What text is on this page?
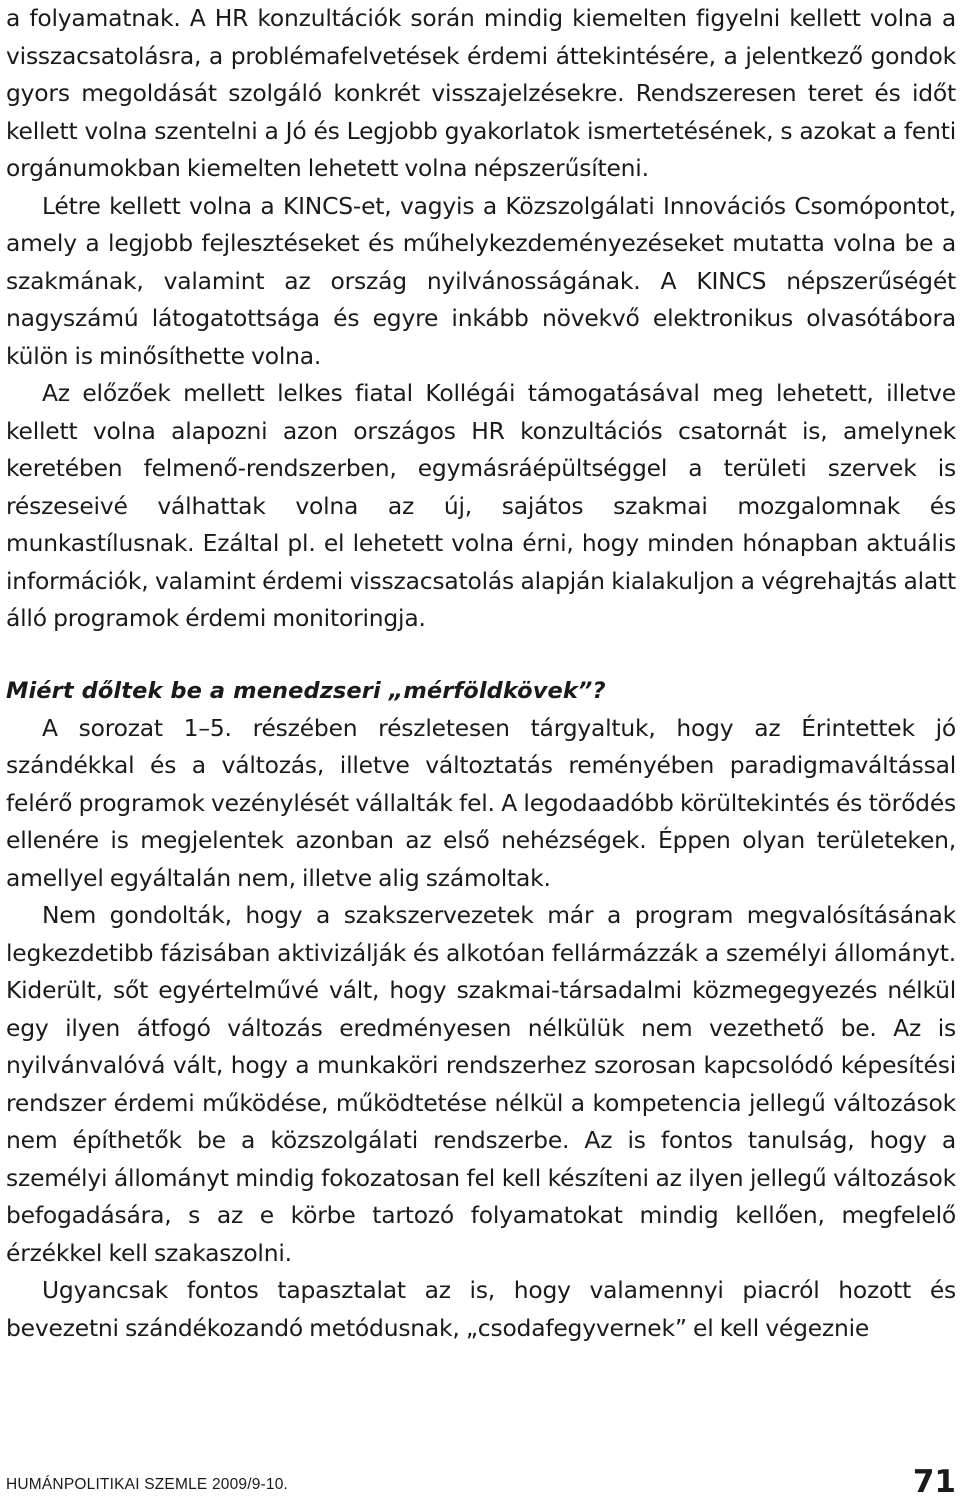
a folyamatnak. A HR konzultációk során mindig kiemelten figyelni kellett volna a visszacsatolásra, a problémafelvetések érdemi áttekintésére, a jelentkező gondok gyors megoldását szolgáló konkrét visszajelzésekre. Rendszeresen teret és időt kellett volna szentelni a Jó és Legjobb gyakorlatok ismertetésének, s azokat a fenti orgánumokban kiemelten lehetett volna népszerűsíteni.

Létre kellett volna a KINCS-et, vagyis a Közszolgálati Innovációs Csomópontot, amely a legjobb fejlesztéseket és műhelykezdeményezéseket mutatta volna be a szakmának, valamint az ország nyilvánosságának. A KINCS népszerűségét nagyszámú látogatottsága és egyre inkább növekvő elektronikus olvasótábora külön is minősíthette volna.

Az előzőek mellett lelkes fiatal Kollégái támogatásával meg lehetett, illetve kellett volna alapozni azon országos HR konzultációs csatornát is, amelynek keretében felmenő-rendszerben, egymásráépültséggel a területi szervek is részeseivé válhattak volna az új, sajátos szakmai mozgalomnak és munkastílusnak. Ezáltal pl. el lehetett volna érni, hogy minden hónapban aktuális információk, valamint érdemi visszacsatolás alapján kialakuljon a végrehajtás alatt álló programok érdemi monitoringja.

Miért dőltek be a menedzseri „mérföldkövek”?

A sorozat 1–5. részében részletesen tárgyaltuk, hogy az Érintettek jó szándékkal és a változás, illetve változtatás reményében paradigmaváltással felérő programok vezénylését vállalták fel. A legodaadóbb körültekintés és törődés ellenére is megjelentek azonban az első nehézségek. Éppen olyan területeken, amellyel egyáltalán nem, illetve alig számoltak.

Nem gondolták, hogy a szakszervezetek már a program megvalósításának legkezdetibb fázisában aktivizálják és alkotóan fellármázzák a személyi állományt. Kiderült, sőt egyértelművé vált, hogy szakmai-társadalmi közmegegyezés nélkül egy ilyen átfogó változás eredményesen nélkülük nem vezethető be. Az is nyilvánvalóvá vált, hogy a munkaköri rendszerhez szorosan kapcsolódó képesítési rendszer érdemi működése, működtetése nélkül a kompetencia jellegű változások nem építhetők be a közszolgálati rendszerbe. Az is fontos tanulság, hogy a személyi állományt mindig fokozatosan fel kell készíteni az ilyen jellegű változások befogadására, s az e körbe tartozó folyamatokat mindig kellően, megfelelő érzékkel kell szakaszolni.

Ugyancsak fontos tapasztalat az is, hogy valamennyi piacról hozott és bevezetni szándékozandó metódusnak, „csodafegyvernek” el kell végeznie

HUMÁNPOLITIKAI SZEMLE 2009/9-10.	71
